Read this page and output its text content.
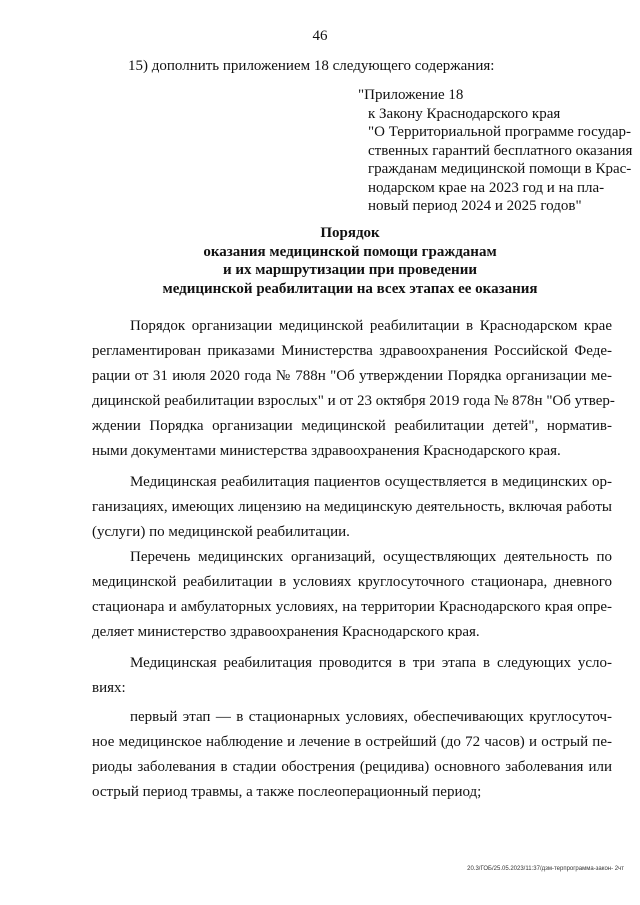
46
15) дополнить приложением 18 следующего содержания:
"Приложение 18
к Закону Краснодарского края
"О Территориальной программе государ-
ственных гарантий бесплатного оказания
гражданам медицинской помощи в Крас-
нодарском крае на 2023 год и на пла-
новый период 2024 и 2025 годов"
Порядок
оказания медицинской помощи гражданам
и их маршрутизации при проведении
медицинской реабилитации на всех этапах ее оказания
Порядок организации медицинской реабилитации в Краснодарском крае
регламентирован приказами Министерства здравоохранения Российской Феде-
рации от 31 июля 2020 года № 788н "Об утверждении Порядка организации ме-
дицинской реабилитации взрослых" и от 23 октября 2019 года № 878н "Об утвер-
ждении Порядка организации медицинской реабилитации детей", норматив-
ными документами министерства здравоохранения Краснодарского края.
Медицинская реабилитация пациентов осуществляется в медицинских ор-
ганизациях, имеющих лицензию на медицинскую деятельность, включая работы
(услуги) по медицинской реабилитации.
Перечень медицинских организаций, осуществляющих деятельность по
медицинской реабилитации в условиях круглосуточного стационара, дневного
стационара и амбулаторных условиях, на территории Краснодарского края опре-
деляет министерство здравоохранения Краснодарского края.
Медицинская реабилитация проводится в три этапа в следующих усло-
виях:
первый этап — в стационарных условиях, обеспечивающих круглосуточ-
ное медицинское наблюдение и лечение в острейший (до 72 часов) и острый пе-
риоды заболевания в стадии обострения (рецидива) основного заболевания или
острый период травмы, а также послеоперационный период;
20.3/ГОБ/25.05.2023/11:37/дзм-терпрограмма-закон- 2чт
